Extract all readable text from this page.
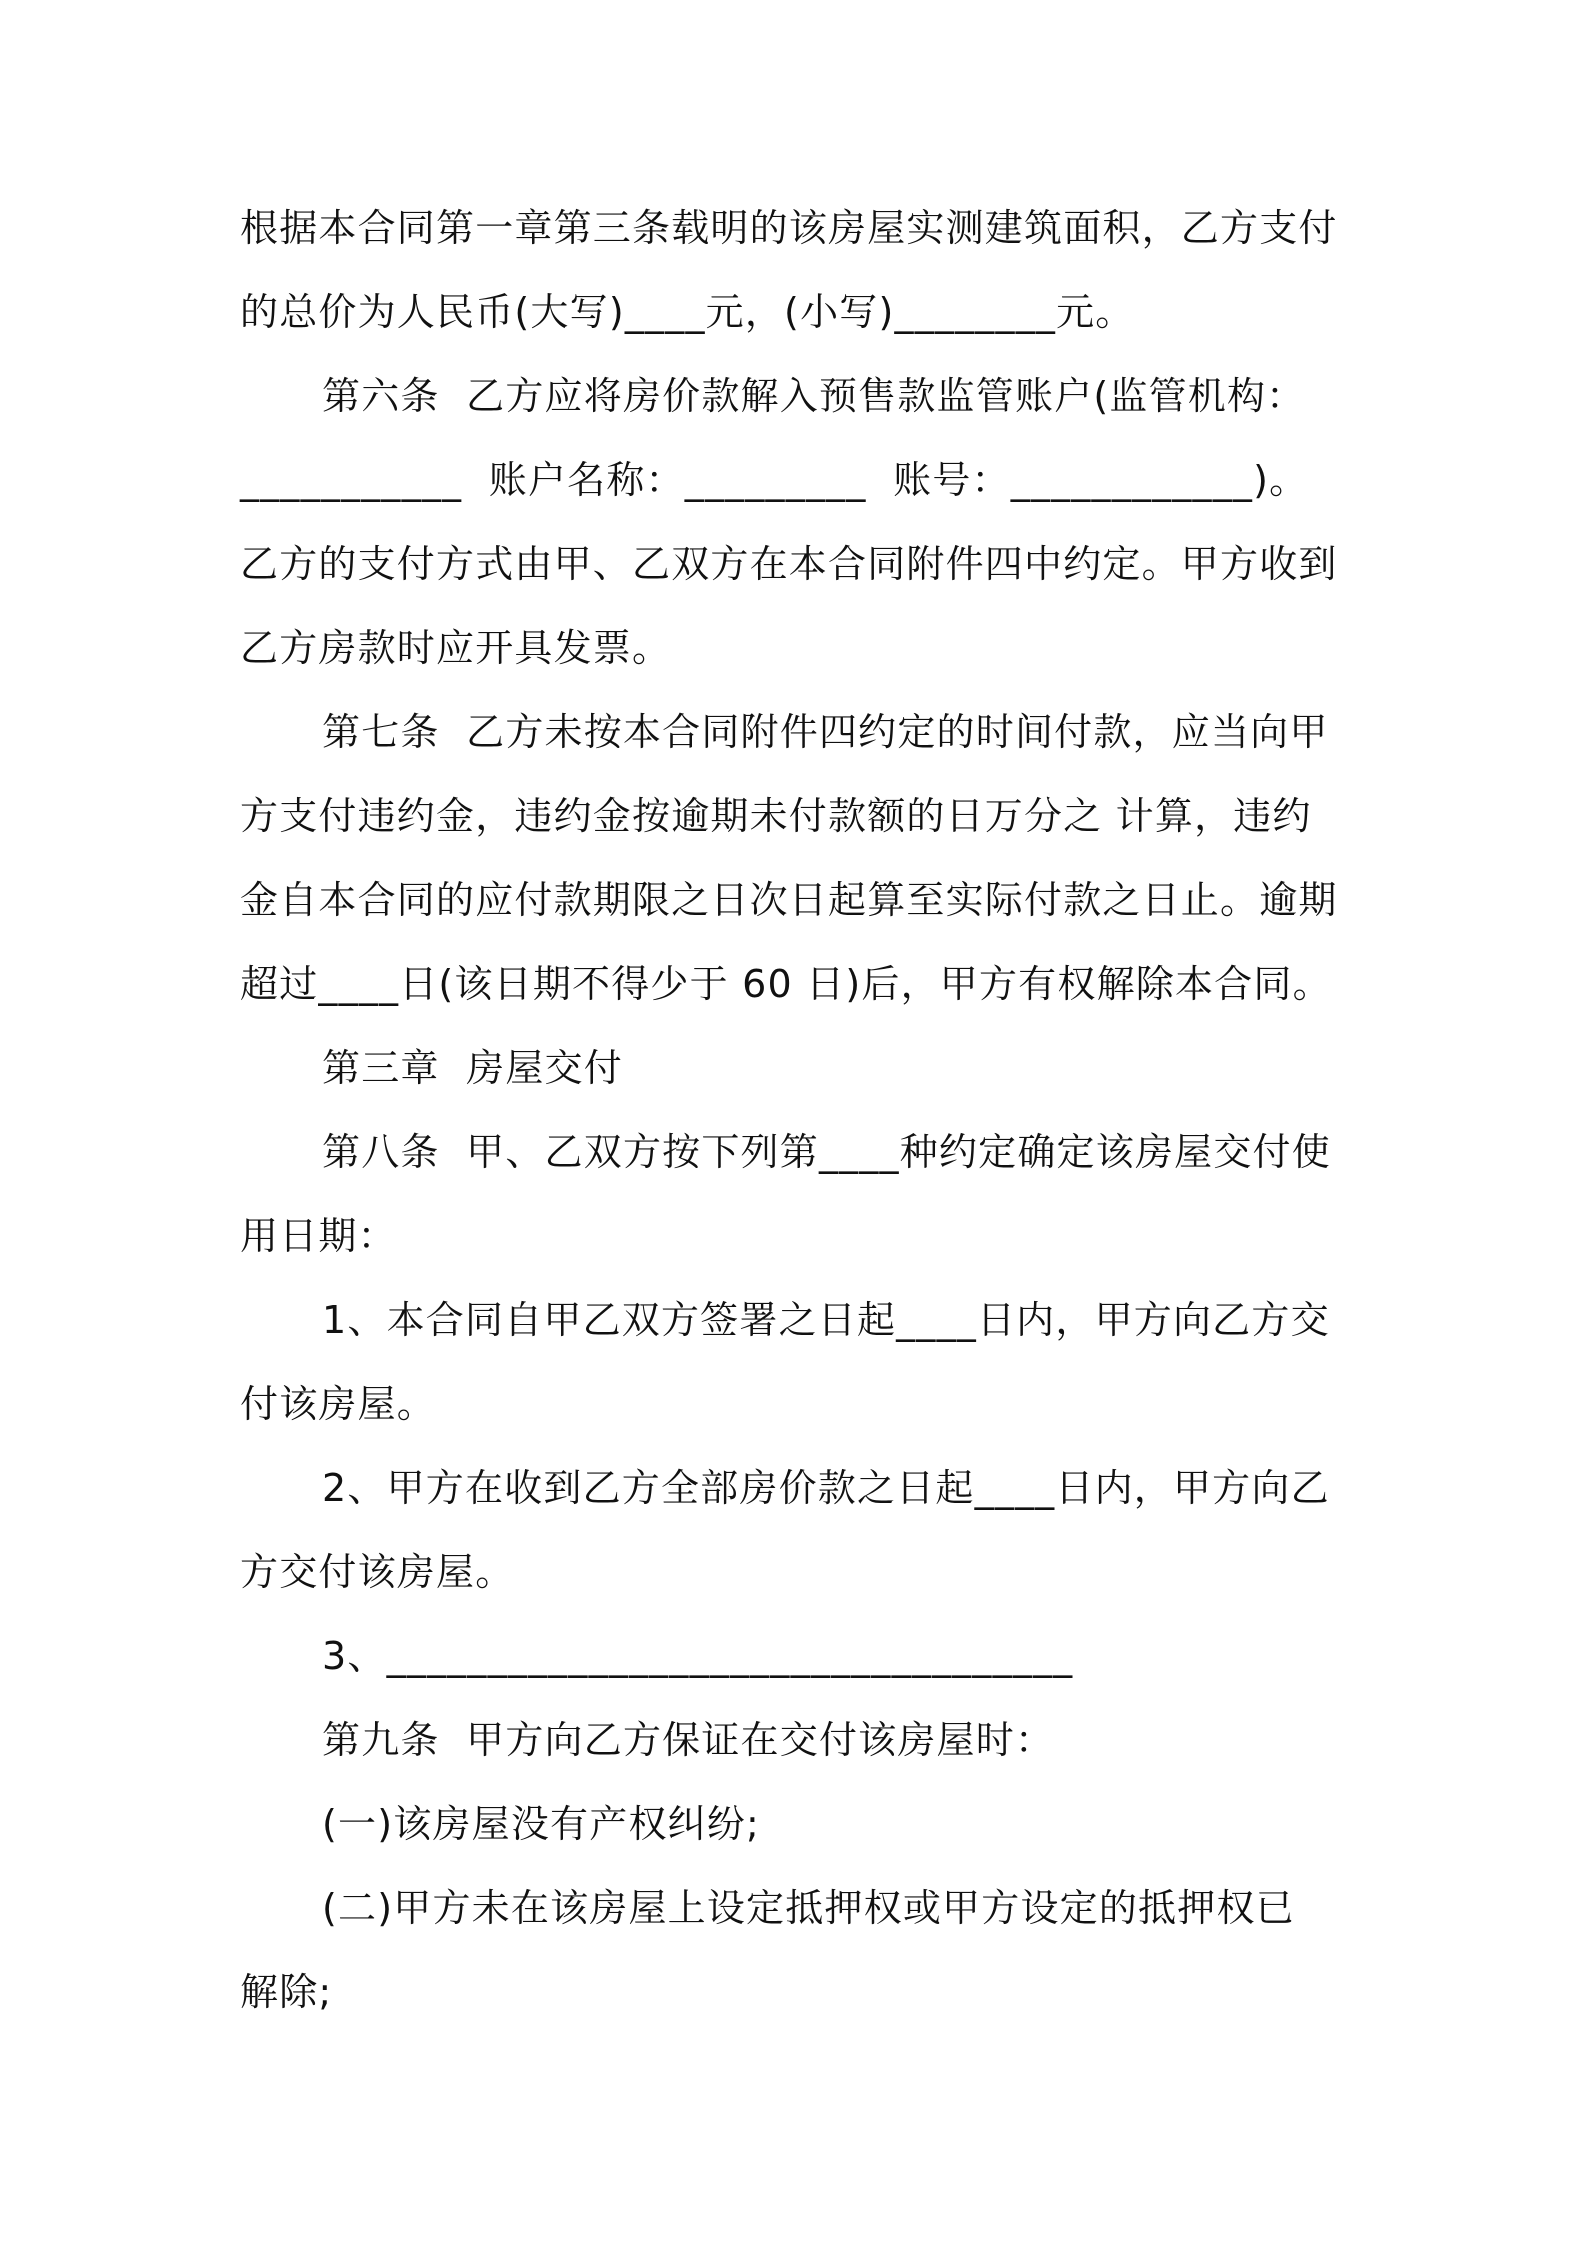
根据本合同第一章第三条载明的该房屋实测建筑面积，乙方支付
的总价为人民币(大写)____元，(小写)________元。
第六条  乙方应将房价款解入预售款监管账户(监管机构：
___________  账户名称：_________  账号：____________)。
乙方的支付方式由甲、乙双方在本合同附件四中约定。甲方收到
乙方房款时应开具发票。
第七条  乙方未按本合同附件四约定的时间付款，应当向甲
方支付违约金，违约金按逾期未付款额的日万分之 计算，违约
金自本合同的应付款期限之日次日起算至实际付款之日止。逾期
超过____日(该日期不得少于 60 日)后，甲方有权解除本合同。
第三章  房屋交付
第八条  甲、乙双方按下列第____种约定确定该房屋交付使
用日期：
1、本合同自甲乙双方签署之日起____日内，甲方向乙方交
付该房屋。
2、甲方在收到乙方全部房价款之日起____日内，甲方向乙
方交付该房屋。
3、__________________________________
第九条  甲方向乙方保证在交付该房屋时：
(一)该房屋没有产权纠纷;
(二)甲方未在该房屋上设定抵押权或甲方设定的抵押权已
解除;
